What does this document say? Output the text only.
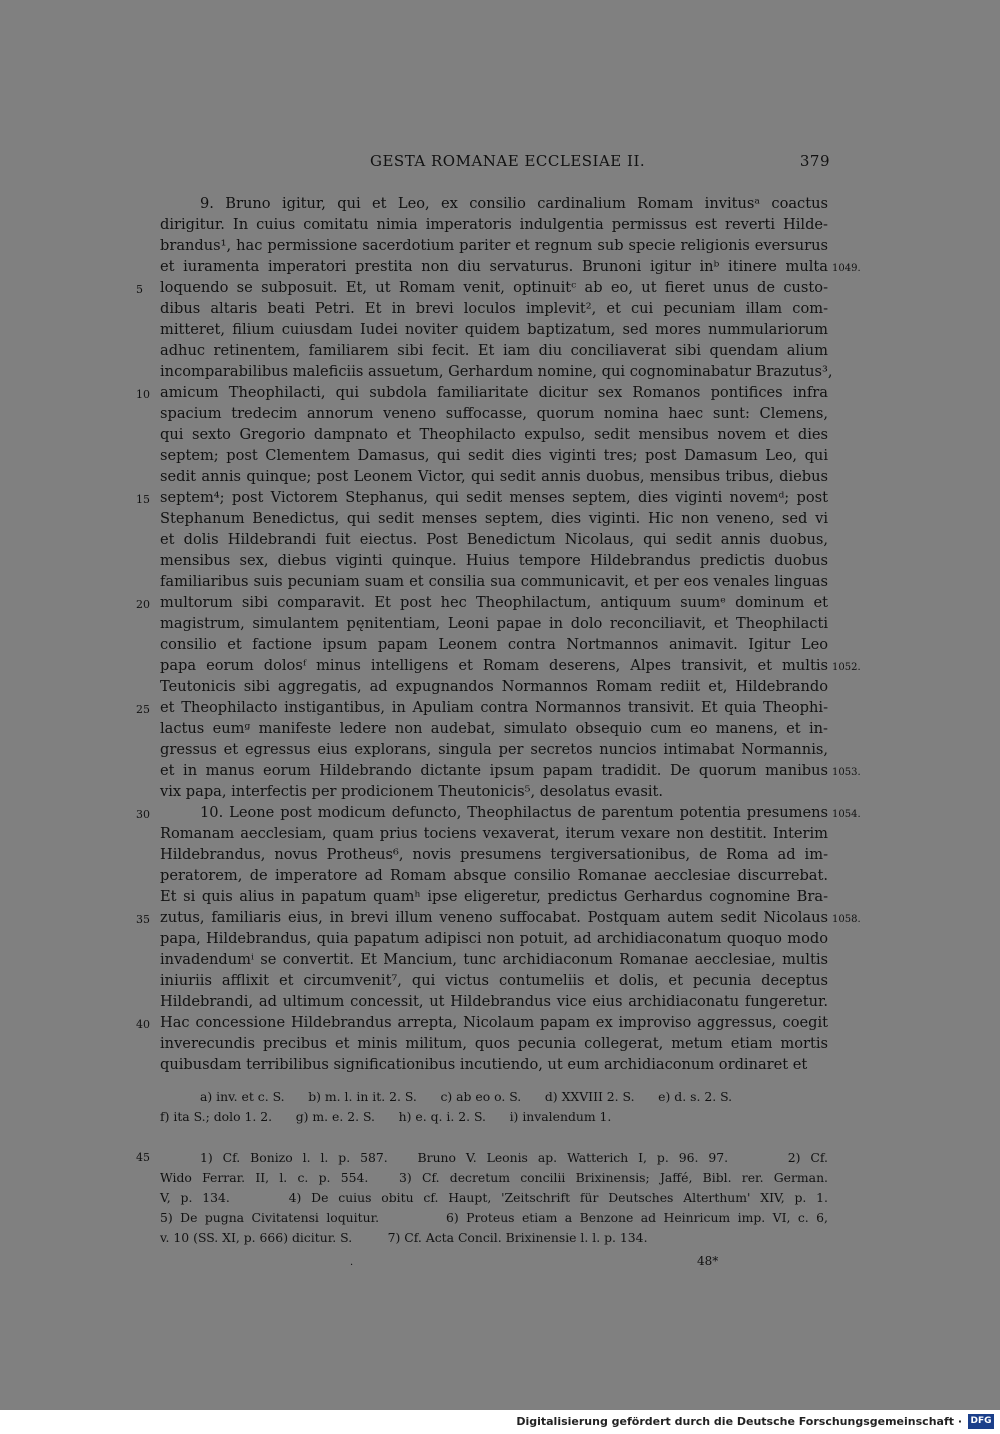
GESTA ROMANAE ECCLESIAE II.	379
9. Bruno igitur, qui et Leo, ex consilio cardinalium Romam invitusᵃ coactus
dirigitur. In cuius comitatu nimia imperatoris indulgentia permissus est reverti Hilde-
brandus¹, hac permissione sacerdotium pariter et regnum sub specie religionis eversurus
et iuramenta imperatori prestita non diu servaturus. Brunoni igitur inᵇ itinere multa
loquendo se subposuit. Et, ut Romam venit, optinuitᶜ ab eo, ut fieret unus de custo-
dibus altaris beati Petri. Et in brevi loculos implevit², et cui pecuniam illam com-
mitteret, filium cuiusdam Iudei noviter quidem baptizatum, sed mores nummulariorum
adhuc retinentem, familiarem sibi fecit. Et iam diu conciliaverat sibi quendam alium
incomparabilibus maleficiis assuetum, Gerhardum nomine, qui cognominabatur Brazutus³,
amicum Theophilacti, qui subdola familiaritate dicitur sex Romanos pontifices infra
spacium tredecim annorum veneno suffocasse, quorum nomina haec sunt: Clemens,
qui sexto Gregorio dampnato et Theophilacto expulso, sedit mensibus novem et dies
septem; post Clementem Damasus, qui sedit dies viginti tres; post Damasum Leo, qui
sedit annis quinque; post Leonem Victor, qui sedit annis duobus, mensibus tribus, diebus
septem⁴; post Victorem Stephanus, qui sedit menses septem, dies viginti novemᵈ; post
Stephanum Benedictus, qui sedit menses septem, dies viginti. Hic non veneno, sed vi
et dolis Hildebrandi fuit eiectus. Post Benedictum Nicolaus, qui sedit annis duobus,
mensibus sex, diebus viginti quinque. Huius tempore Hildebrandus predictis duobus
familiaribus suis pecuniam suam et consilia sua communicavit, et per eos venales linguas
multorum sibi comparavit. Et post hec Theophilactum, antiquum suumᵉ dominum et
magistrum, simulantem pęnitentiam, Leoni papae in dolo reconciliavit, et Theophilacti
consilio et factione ipsum papam Leonem contra Nortmannos animavit. Igitur Leo
papa eorum dolosᶠ minus intelligens et Romam deserens, Alpes transivit, et multis
Teutonicis sibi aggregatis, ad expugnandos Normannos Romam rediit et, Hildebrando
et Theophilacto instigantibus, in Apuliam contra Normannos transivit. Et quia Theophi-
lactus eumᵍ manifeste ledere non audebat, simulato obsequio cum eo manens, et in-
gressus et egressus eius explorans, singula per secretos nuncios intimabat Normannis,
et in manus eorum Hildebrando dictante ipsum papam tradidit. De quorum manibus
vix papa, interfectis per prodicionem Theutonicis⁵, desolatus evasit.
10. Leone post modicum defuncto, Theophilactus de parentum potentia presumens
Romanam aecclesiam, quam prius tociens vexaverat, iterum vexare non destitit. Interim
Hildebrandus, novus Protheus⁶, novis presumens tergiversationibus, de Roma ad im-
peratorem, de imperatore ad Romam absque consilio Romanae aecclesiae discurrebat.
Et si quis alius in papatum quamʰ ipse eligeretur, predictus Gerhardus cognomine Bra-
zutus, familiaris eius, in brevi illum veneno suffocabat. Postquam autem sedit Nicolaus
papa, Hildebrandus, quia papatum adipisci non potuit, ad archidiaconatum quoquo modo
invadendumⁱ se convertit. Et Mancium, tunc archidiaconum Romanae aecclesiae, multis
iniuriis afflixit et circumvenit⁷, qui victus contumeliis et dolis, et pecunia deceptus
Hildebrandi, ad ultimum concessit, ut Hildebrandus vice eius archidiaconatu fungeretur.
Hac concessione Hildebrandus arrepta, Nicolaum papam ex improviso aggressus, coegit
inverecundis precibus et minis militum, quos pecunia collegerat, metum etiam mortis
quibusdam terribilibus significationibus incutiendo, ut eum archidiaconum ordinaret et
5
10
15
20
25
30
35
40
1049.
1052.
1053.
1054.
1058.
a) inv. et c. S.      b) m. l. in it. 2. S.      c) ab eo o. S.      d) XXVIII 2. S.      e) d. s. 2. S.
f) ita S.; dolo 1. 2.      g) m. e. 2. S.      h) e. q. i. 2. S.      i) invalendum 1.
1) Cf. Bonizo l. l. p. 587.   Bruno V. Leonis ap. Watterich I, p. 96. 97.      2) Cf.
Wido Ferrar. II, l. c. p. 554.   3) Cf. decretum concilii Brixinensis; Jaffé, Bibl. rer. German.
V, p. 134.      4) De cuius obitu cf. Haupt, 'Zeitschrift für Deutsches Alterthum' XIV, p. 1.
5) De pugna Civitatensi loquitur.         6) Proteus etiam a Benzone ad Heinricum imp. VI, c. 6,
v. 10 (SS. XI, p. 666) dicitur. S.         7) Cf. Acta Concil. Brixinensie l. l. p. 134.
45
·	48*
Digitalisierung gefördert durch die Deutsche Forschungsgemeinschaft · DFG
